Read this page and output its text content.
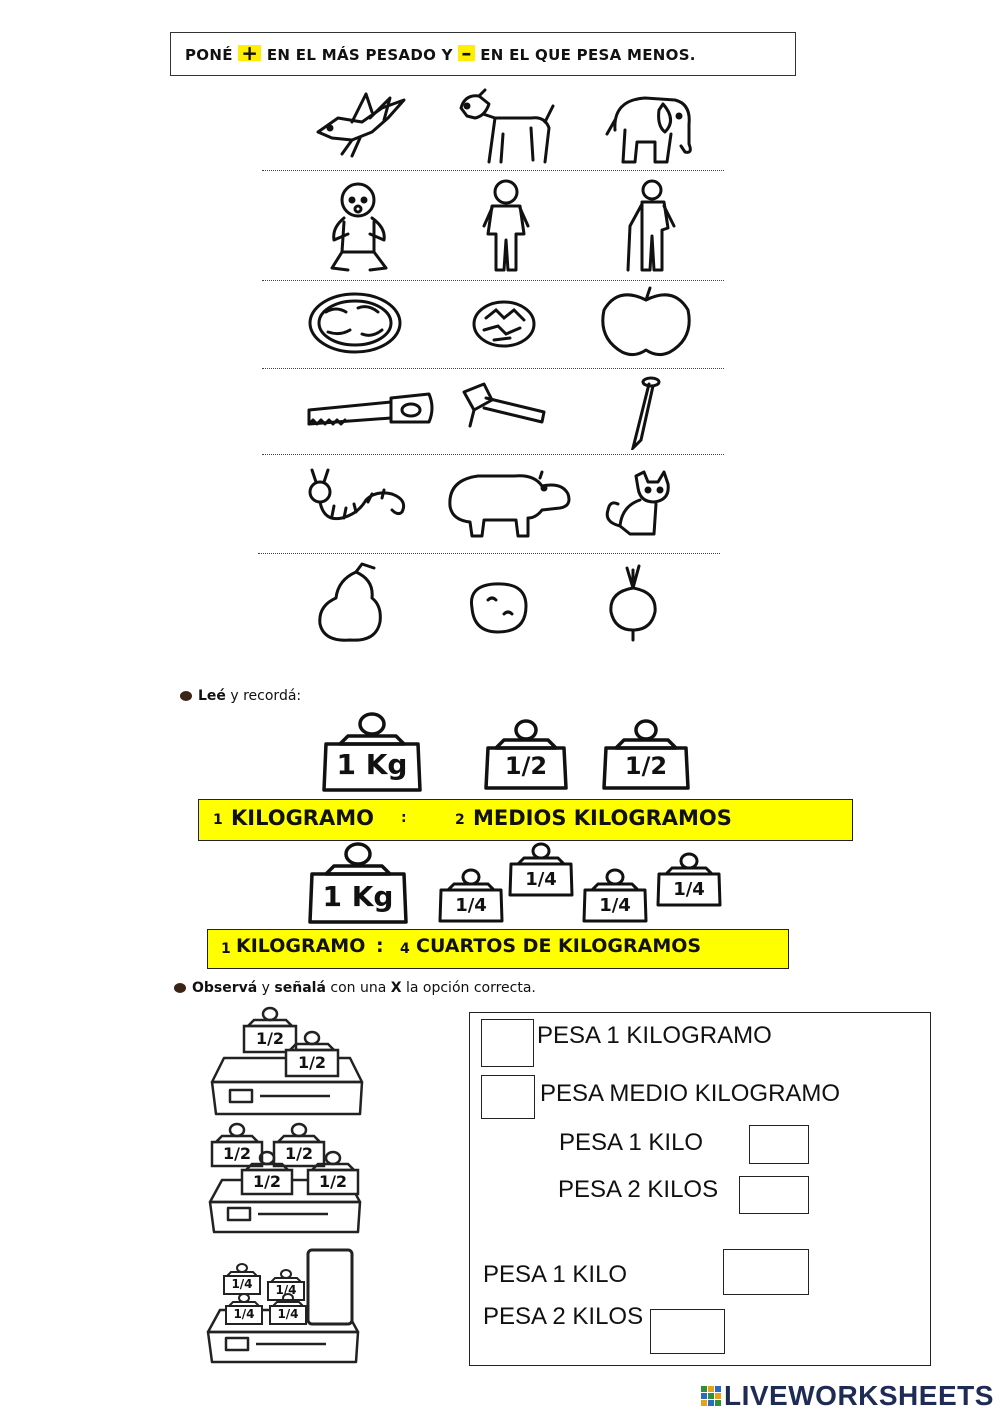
PONÉ + EN EL MÁS PESADO Y – EN EL QUE PESA MENOS.
Leé y recordá:
1 Kg	1/2	1/2
1 KILOGRAMO :	2 MEDIOS KILOGRAMOS
1 Kg	1/4
1/4
1/4
1/4
1 KILOGRAMO : 4 CUARTOS DE KILOGRAMOS
Observá y señalá con una X la opción correcta.
1/2
1/2
1/2	1/2
1/2	1/2
1/4	1/4
1/4	1/4
PESA 1 KILOGRAMO
PESA MEDIO KILOGRAMO
PESA 1 KILO
PESA 2 KILOS
PESA 1 KILO
PESA 2 KILOS
LIVEWORKSHEETS
